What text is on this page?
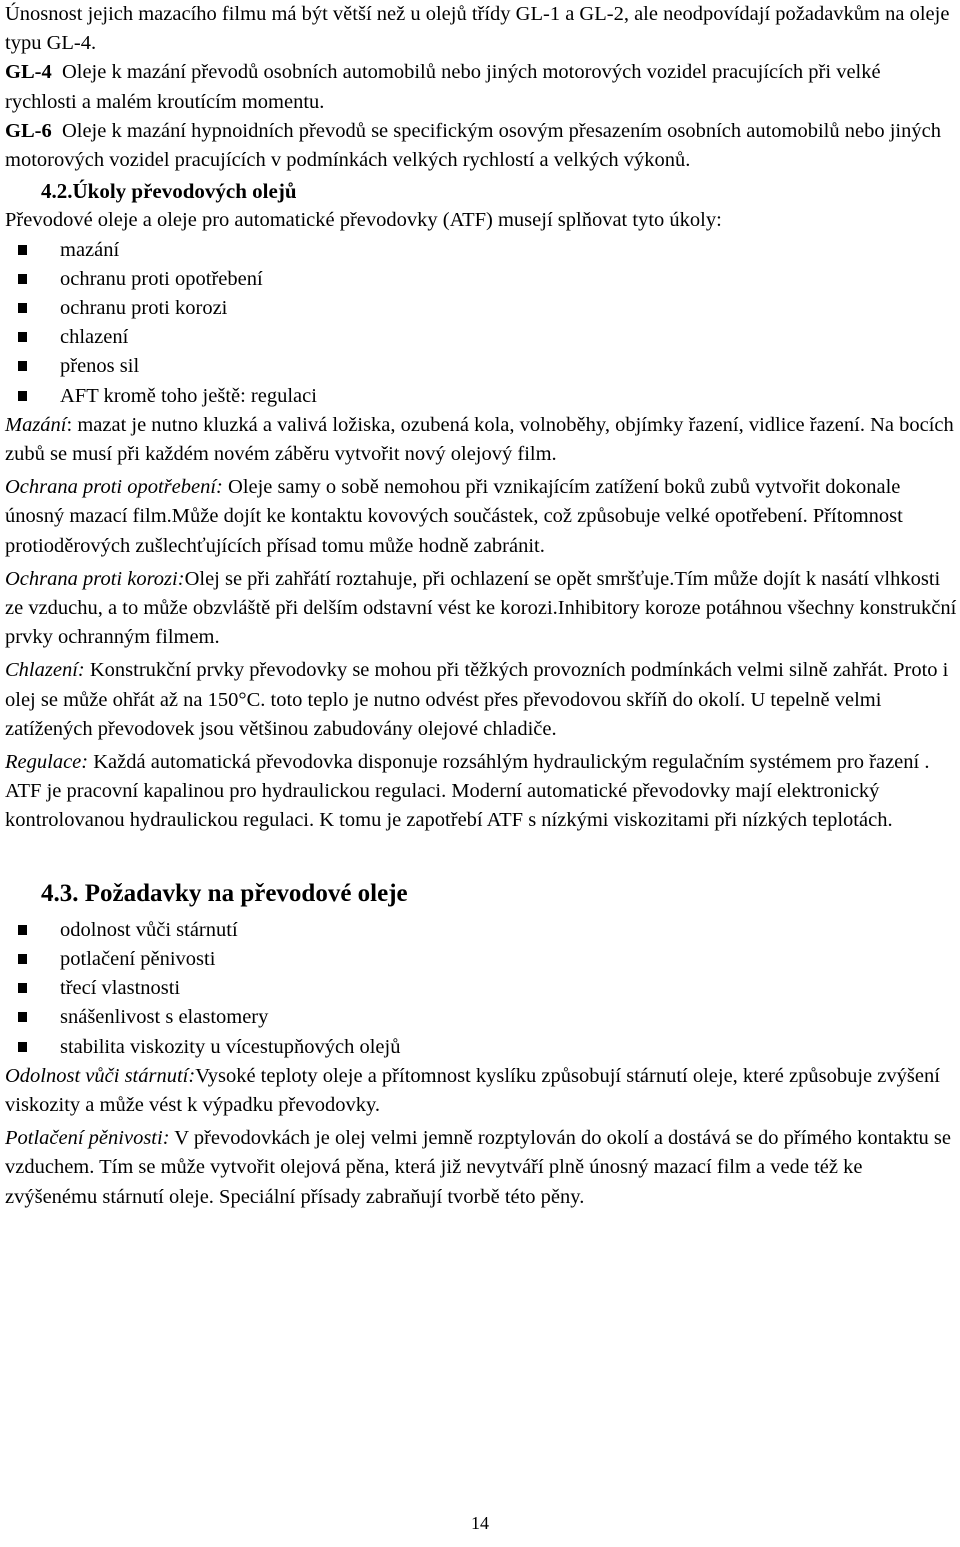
Únosnost jejich mazacího filmu má být větší než u olejů třídy GL-1 a GL-2, ale neodpovídají požadavkům na oleje typu GL-4.

GL-4 Oleje k mazání převodů osobních automobilů nebo jiných motorových vozidel pracujících při velké rychlosti a malém kroutícím momentu.

GL-6 Oleje k mazání hypnoidních převodů se specifickým osovým přesazením osobních automobilů nebo jiných motorových vozidel pracujících v podmínkách velkých rychlostí a velkých výkonů.

4.2.Úkoly převodových olejů

Převodové oleje a oleje pro automatické převodovky (ATF) musejí splňovat tyto úkoly:

mazání
ochranu proti opotřebení
ochranu proti korozi
chlazení
přenos sil
AFT kromě toho ještě: regulaci

Mazání: mazat je nutno kluzká a valivá ložiska, ozubená kola, volnoběhy, objímky řazení, vidlice řazení. Na bocích zubů se musí při každém novém záběru vytvořit nový olejový film.

Ochrana proti opotřebení: Oleje samy o sobě nemohou při vznikajícím zatížení boků zubů vytvořit dokonale únosný mazací film.Může dojít ke kontaktu kovových součástek, což způsobuje velké opotřebení. Přítomnost protioděrových zušlechťujících přísad tomu může hodně zabránit.

Ochrana proti korozi:Olej se při zahřátí roztahuje, při ochlazení se opět smršťuje.Tím může dojít k nasátí vlhkosti ze vzduchu, a to může obzvláště při delším odstavní vést ke korozi.Inhibitory koroze potáhnou všechny konstrukční prvky ochranným filmem.

Chlazení: Konstrukční prvky převodovky se mohou při těžkých provozních podmínkách velmi silně zahřát. Proto i olej se může ohřát až na 150°C. toto teplo je nutno odvést přes převodovou skříň do okolí. U tepelně velmi zatížených převodovek jsou většinou zabudovány olejové chladiče.

Regulace: Každá automatická převodovka disponuje rozsáhlým hydraulickým regulačním systémem pro řazení . ATF je pracovní kapalinou pro hydraulickou regulaci. Moderní automatické převodovky mají elektronický kontrolovanou hydraulickou regulaci. K tomu je zapotřebí ATF s nízkými viskozitami při nízkých teplotách.

4.3. Požadavky na převodové oleje
odolnost vůči stárnutí
potlačení pěnivosti
třecí vlastnosti
snášenlivost s elastomery
stabilita viskozity u vícestupňových olejů

Odolnost vůči stárnutí:Vysoké teploty oleje a přítomnost kyslíku způsobují stárnutí oleje, které způsobuje zvýšení viskozity a může vést k výpadku převodovky.

Potlačení pěnivosti: V převodovkách je olej velmi jemně rozptylován do okolí a dostává se do přímého kontaktu se vzduchem. Tím se může vytvořit olejová pěna, která již nevytváří plně únosný mazací film a vede též ke zvýšenému stárnutí oleje. Speciální přísady zabraňují tvorbě této pěny.

14
